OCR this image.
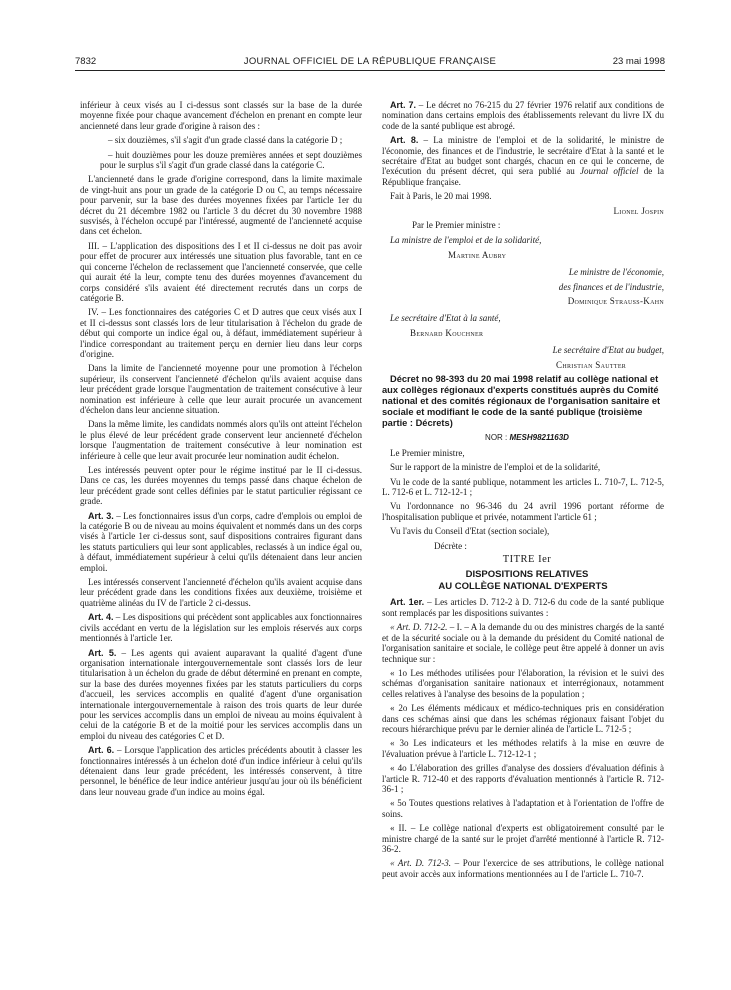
7832	JOURNAL OFFICIEL DE LA RÉPUBLIQUE FRANÇAISE	23 mai 1998

inférieur à ceux visés au I ci-dessus sont classés sur la base de la durée moyenne fixée pour chaque avancement d'échelon en prenant en compte leur ancienneté dans leur grade d'origine à raison des :

– six douzièmes, s'il s'agit d'un grade classé dans la catégorie D ;

– huit douzièmes pour les douze premières années et sept douzièmes pour le surplus s'il s'agit d'un grade classé dans la catégorie C.

L'ancienneté dans le grade d'origine correspond, dans la limite maximale de vingt-huit ans pour un grade de la catégorie D ou C, au temps nécessaire pour parvenir, sur la base des durées moyennes fixées par l'article 1er du décret du 21 décembre 1982 ou l'article 3 du décret du 30 novembre 1988 susvisés, à l'échelon occupé par l'intéressé, augmenté de l'ancienneté acquise dans cet échelon.

III. – L'application des dispositions des I et II ci-dessus ne doit pas avoir pour effet de procurer aux intéressés une situation plus favorable, tant en ce qui concerne l'échelon de reclassement que l'ancienneté conservée, que celle qui aurait été la leur, compte tenu des durées moyennes d'avancement du corps considéré s'ils avaient été directement recrutés dans un corps de catégorie B.

IV. – Les fonctionnaires des catégories C et D autres que ceux visés aux I et II ci-dessus sont classés lors de leur titularisation à l'échelon du grade de début qui comporte un indice égal ou, à défaut, immédiatement supérieur à l'indice correspondant au traitement perçu en dernier lieu dans leur corps d'origine.

Dans la limite de l'ancienneté moyenne pour une promotion à l'échelon supérieur, ils conservent l'ancienneté d'échelon qu'ils avaient acquise dans leur précédent grade lorsque l'augmentation de traitement consécutive à leur nomination est inférieure à celle que leur aurait procurée un avancement d'échelon dans leur ancienne situation.

Dans la même limite, les candidats nommés alors qu'ils ont atteint l'échelon le plus élevé de leur précédent grade conservent leur ancienneté d'échelon lorsque l'augmentation de traitement consécutive à leur nomination est inférieure à celle que leur avait procurée leur nomination audit échelon.

Les intéressés peuvent opter pour le régime institué par le II ci-dessus. Dans ce cas, les durées moyennes du temps passé dans chaque échelon de leur précédent grade sont celles définies par le statut particulier régissant ce grade.

Art. 3. – Les fonctionnaires issus d'un corps, cadre d'emplois ou emploi de la catégorie B ou de niveau au moins équivalent et nommés dans un des corps visés à l'article 1er ci-dessus sont, sauf dispositions contraires figurant dans les statuts particuliers qui leur sont applicables, reclassés à un indice égal ou, à défaut, immédiatement supérieur à celui qu'ils détenaient dans leur ancien emploi.

Les intéressés conservent l'ancienneté d'échelon qu'ils avaient acquise dans leur précédent grade dans les conditions fixées aux deuxième, troisième et quatrième alinéas du IV de l'article 2 ci-dessus.

Art. 4. – Les dispositions qui précèdent sont applicables aux fonctionnaires civils accédant en vertu de la législation sur les emplois réservés aux corps mentionnés à l'article 1er.

Art. 5. – Les agents qui avaient auparavant la qualité d'agent d'une organisation internationale intergouvernementale sont classés lors de leur titularisation à un échelon du grade de début déterminé en prenant en compte, sur la base des durées moyennes fixées par les statuts particuliers du corps d'accueil, les services accomplis en qualité d'agent d'une organisation internationale intergouvernementale à raison des trois quarts de leur durée pour les services accomplis dans un emploi de niveau au moins équivalent à celui de la catégorie B et de la moitié pour les services accomplis dans un emploi du niveau des catégories C et D.

Art. 6. – Lorsque l'application des articles précédents aboutit à classer les fonctionnaires intéressés à un échelon doté d'un indice inférieur à celui qu'ils détenaient dans leur grade précédent, les intéressés conservent, à titre personnel, le bénéfice de leur indice antérieur jusqu'au jour où ils bénéficient dans leur nouveau grade d'un indice au moins égal.

Art. 7. – Le décret no 76-215 du 27 février 1976 relatif aux conditions de nomination dans certains emplois des établissements relevant du livre IX du code de la santé publique est abrogé.

Art. 8. – La ministre de l'emploi et de la solidarité, le ministre de l'économie, des finances et de l'industrie, le secrétaire d'Etat à la santé et le secrétaire d'Etat au budget sont chargés, chacun en ce qui le concerne, de l'exécution du présent décret, qui sera publié au Journal officiel de la République française.

Fait à Paris, le 20 mai 1998.

Lionel Jospin

Par le Premier ministre :

La ministre de l'emploi et de la solidarité,

Martine Aubry

Le ministre de l'économie,

des finances et de l'industrie,

Dominique Strauss-Kahn

Le secrétaire d'Etat à la santé,

Bernard Kouchner

Le secrétaire d'Etat au budget,

Christian Sautter

Décret no 98-393 du 20 mai 1998 relatif au collège national et aux collèges régionaux d'experts constitués auprès du Comité national et des comités régionaux de l'organisation sanitaire et sociale et modifiant le code de la santé publique (troisième partie : Décrets)

NOR : MESH9821163D

Le Premier ministre,

Sur le rapport de la ministre de l'emploi et de la solidarité,

Vu le code de la santé publique, notamment les articles L. 710-7, L. 712-5, L. 712-6 et L. 712-12-1 ;

Vu l'ordonnance no 96-346 du 24 avril 1996 portant réforme de l'hospitalisation publique et privée, notamment l'article 61 ;

Vu l'avis du Conseil d'Etat (section sociale),

Décrète :

TITRE Ier

DISPOSITIONS RELATIVES
AU COLLÈGE NATIONAL D'EXPERTS

Art. 1er. – Les articles D. 712-2 à D. 712-6 du code de la santé publique sont remplacés par les dispositions suivantes :

« Art. D. 712-2. – I. – A la demande du ou des ministres chargés de la santé et de la sécurité sociale ou à la demande du président du Comité national de l'organisation sanitaire et sociale, le collège peut être appelé à donner un avis technique sur :

« 1o Les méthodes utilisées pour l'élaboration, la révision et le suivi des schémas d'organisation sanitaire nationaux et interrégionaux, notamment celles relatives à l'analyse des besoins de la population ;

« 2o Les éléments médicaux et médico-techniques pris en considération dans ces schémas ainsi que dans les schémas régionaux faisant l'objet du recours hiérarchique prévu par le dernier alinéa de l'article L. 712-5 ;

« 3o Les indicateurs et les méthodes relatifs à la mise en œuvre de l'évaluation prévue à l'article L. 712-12-1 ;

« 4o L'élaboration des grilles d'analyse des dossiers d'évaluation définis à l'article R. 712-40 et des rapports d'évaluation mentionnés à l'article R. 712-36-1 ;

« 5o Toutes questions relatives à l'adaptation et à l'orientation de l'offre de soins.

« II. – Le collège national d'experts est obligatoirement consulté par le ministre chargé de la santé sur le projet d'arrêté mentionné à l'article R. 712-36-2.

« Art. D. 712-3. – Pour l'exercice de ses attributions, le collège national peut avoir accès aux informations mentionnées au I de l'article L. 710-7.
